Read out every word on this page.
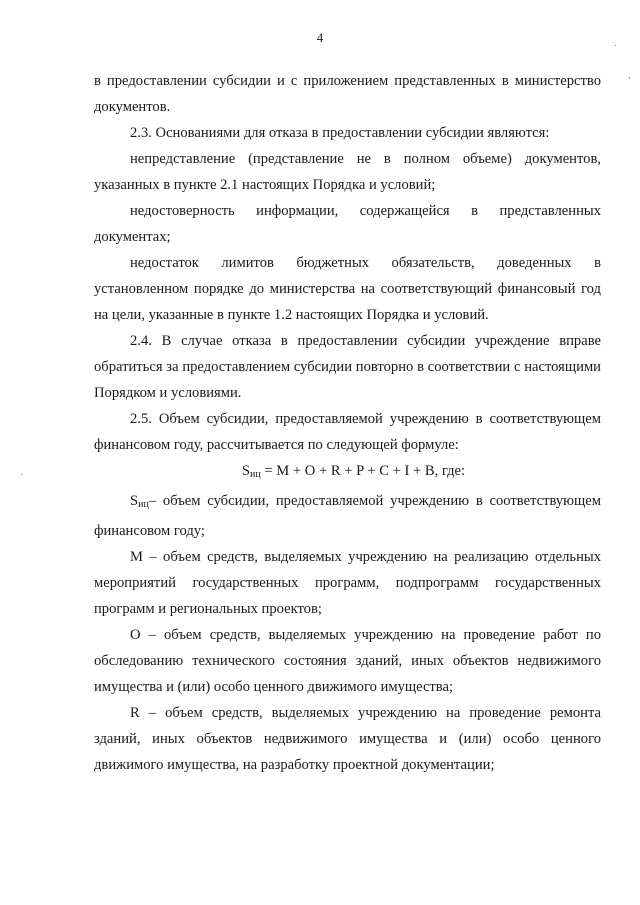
4

в предоставлении субсидии и с приложением представленных в министерство документов.

2.3. Основаниями для отказа в предоставлении субсидии являются:

непредставление (представление не в полном объеме) документов, указанных в пункте 2.1 настоящих Порядка и условий;

недостоверность информации, содержащейся в представленных документах;

недостаток лимитов бюджетных обязательств, доведенных в установленном порядке до министерства на соответствующий финансовый год на цели, указанные в пункте 1.2 настоящих Порядка и условий.

2.4. В случае отказа в предоставлении субсидии учреждение вправе обратиться за предоставлением субсидии повторно в соответствии с настоящими Порядком и условиями.

2.5. Объем субсидии, предоставляемой учреждению в соответствующем финансовом году, рассчитывается по следующей формуле:

$S_{иц} = M + O + R + P + C + I + B$, где:

$S_{иц}-$ объем субсидии, предоставляемой учреждению в соответствующем финансовом году;

М – объем средств, выделяемых учреждению на реализацию отдельных мероприятий государственных программ, подпрограмм государственных программ и региональных проектов;

О – объем средств, выделяемых учреждению на проведение работ по обследованию технического состояния зданий, иных объектов недвижимого имущества и (или) особо ценного движимого имущества;

R – объем средств, выделяемых учреждению на проведение ремонта зданий, иных объектов недвижимого имущества и (или) особо ценного движимого имущества, на разработку проектной документации;

.
,
·
